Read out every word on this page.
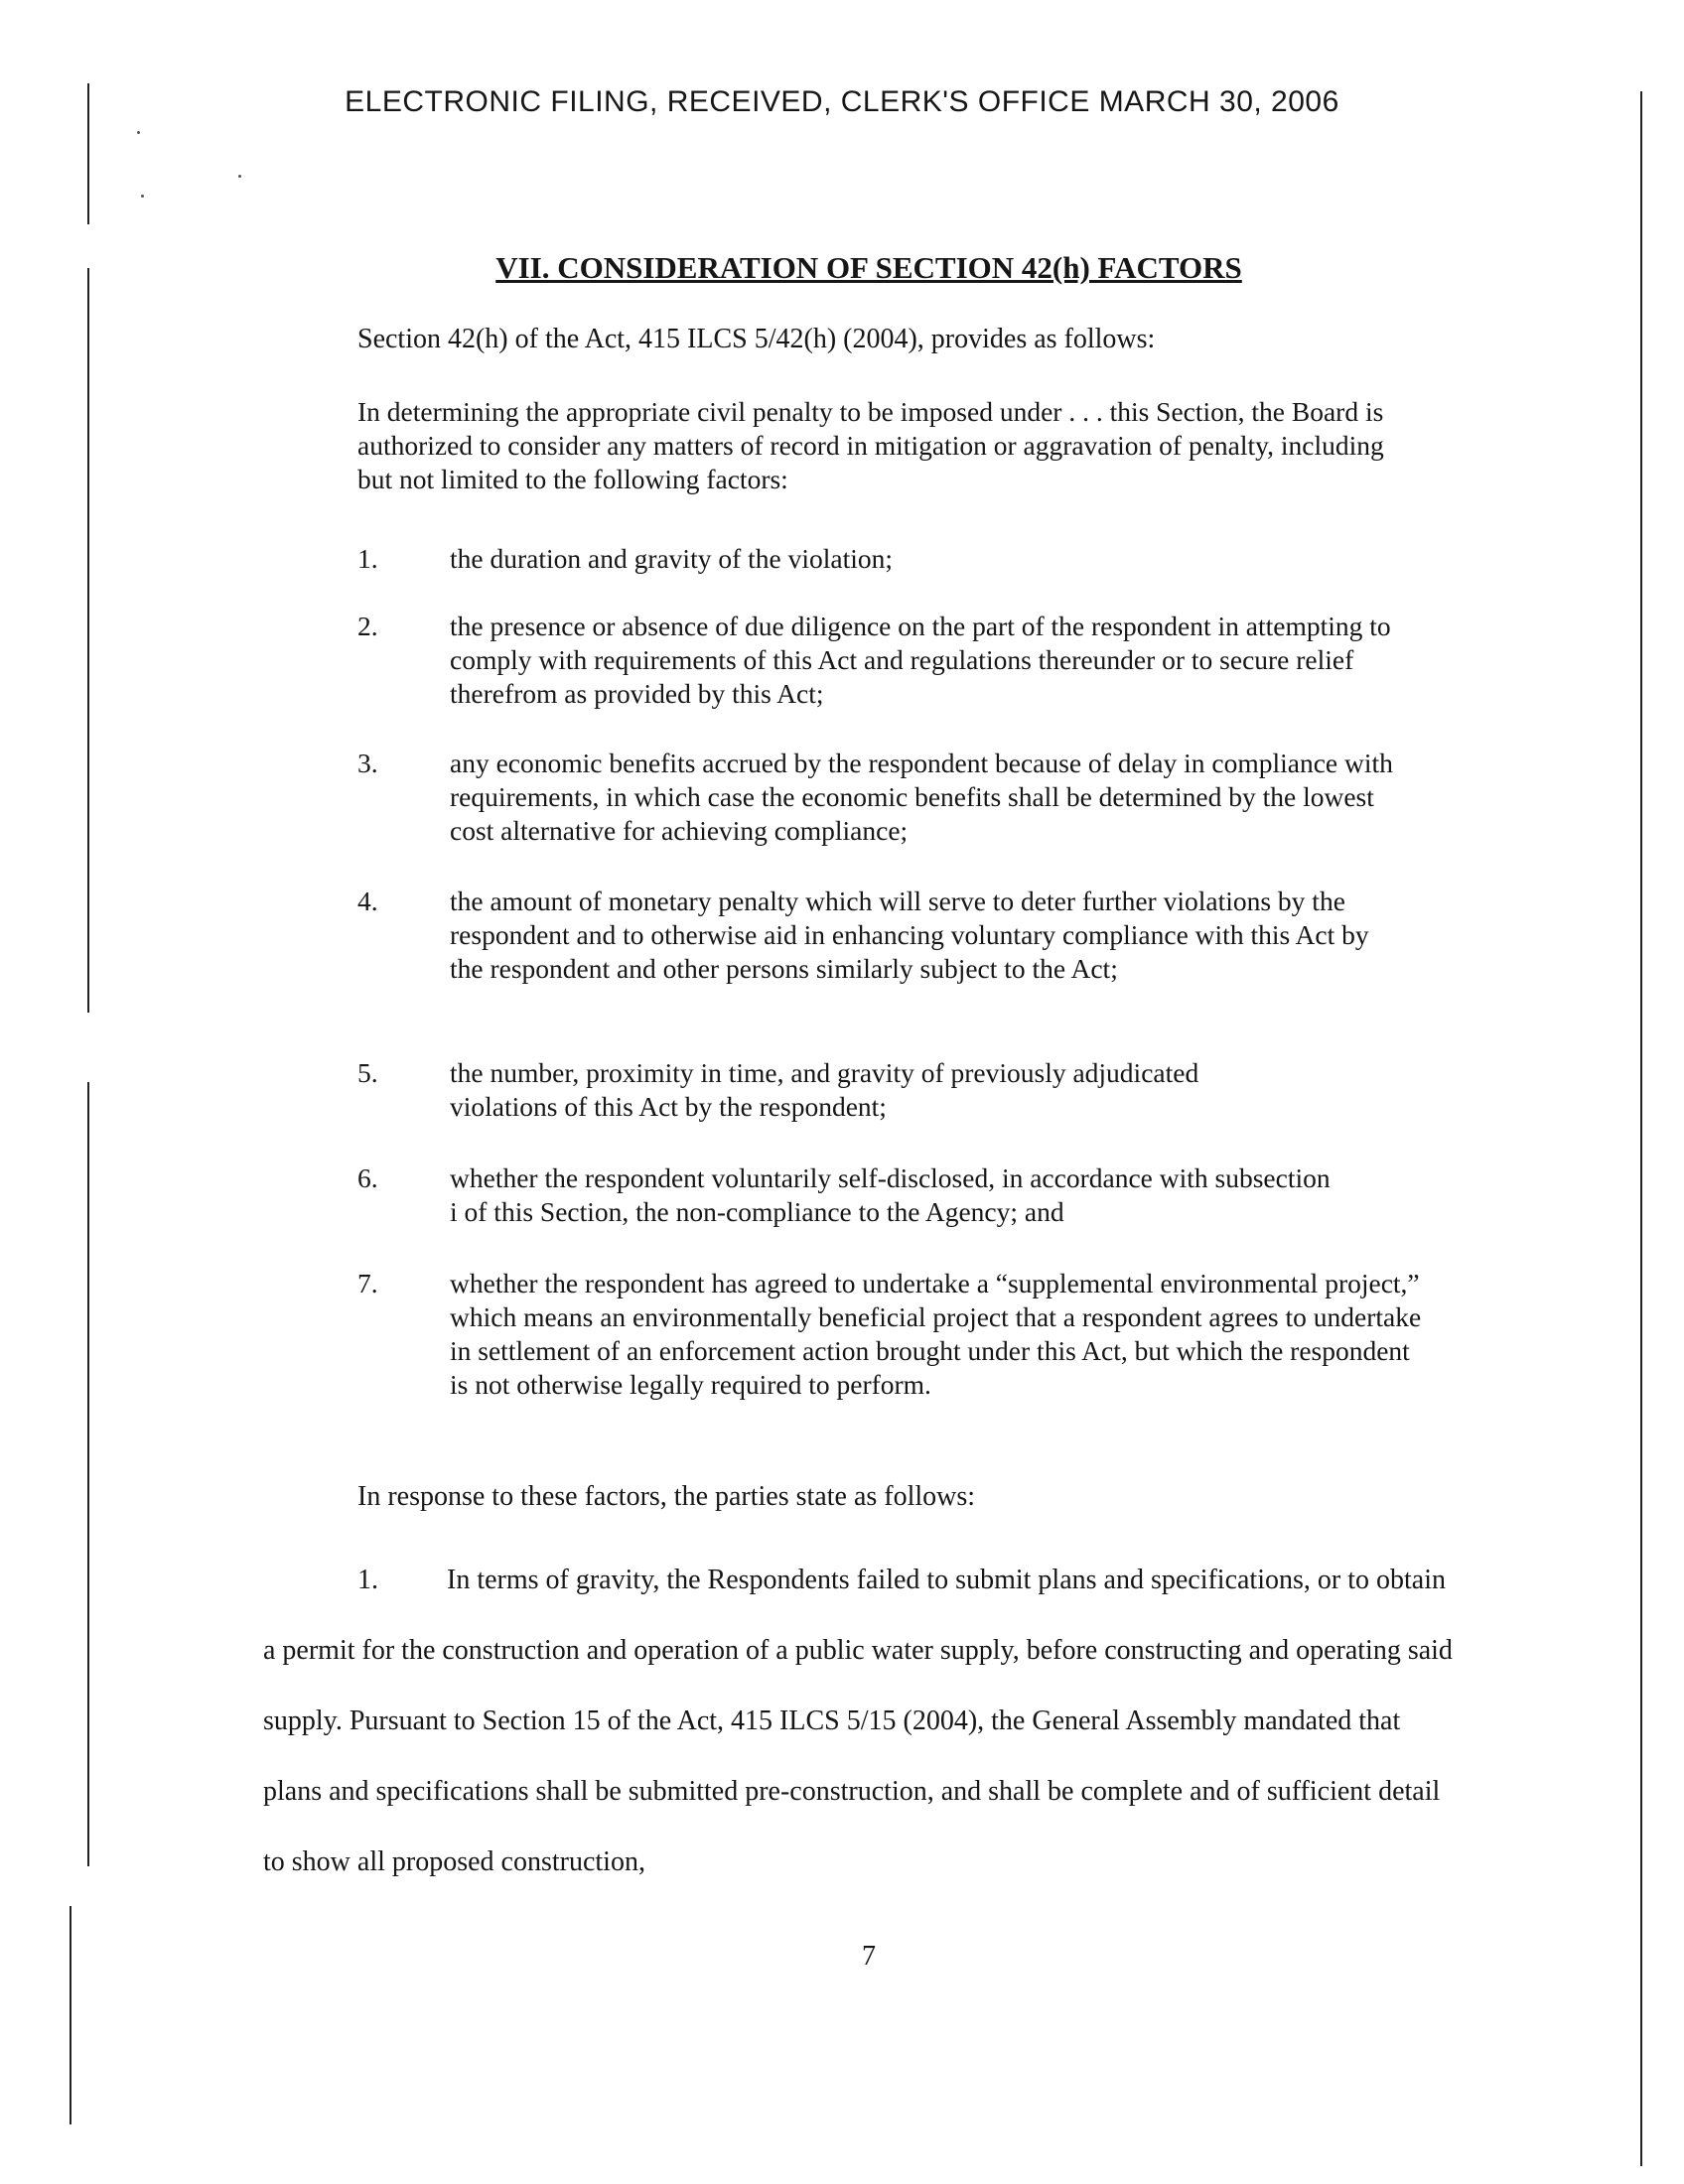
ELECTRONIC FILING, RECEIVED, CLERK'S OFFICE MARCH 30, 2006
VII. CONSIDERATION OF SECTION 42(h) FACTORS
Section 42(h) of the Act, 415 ILCS 5/42(h) (2004), provides as follows:
In determining the appropriate civil penalty to be imposed under . . . this Section, the Board is authorized to consider any matters of record in mitigation or aggravation of penalty, including but not limited to the following factors:
1.	the duration and gravity of the violation;
2.	the presence or absence of due diligence on the part of the respondent in attempting to comply with requirements of this Act and regulations thereunder or to secure relief therefrom as provided by this Act;
3.	any economic benefits accrued by the respondent because of delay in compliance with requirements, in which case the economic benefits shall be determined by the lowest cost alternative for achieving compliance;
4.	the amount of monetary penalty which will serve to deter further violations by the respondent and to otherwise aid in enhancing voluntary compliance with this Act by the respondent and other persons similarly subject to the Act;
5.	the number, proximity in time, and gravity of previously adjudicated violations of this Act by the respondent;
6.	whether the respondent voluntarily self-disclosed, in accordance with subsection i of this Section, the non-compliance to the Agency; and
7.	whether the respondent has agreed to undertake a “supplemental environmental project,” which means an environmentally beneficial project that a respondent agrees to undertake in settlement of an enforcement action brought under this Act, but which the respondent is not otherwise legally required to perform.
In response to these factors, the parties state as follows:
1. In terms of gravity, the Respondents failed to submit plans and specifications, or to obtain a permit for the construction and operation of a public water supply, before constructing and operating said supply. Pursuant to Section 15 of the Act, 415 ILCS 5/15 (2004), the General Assembly mandated that plans and specifications shall be submitted pre-construction, and shall be complete and of sufficient detail to show all proposed construction,
7
